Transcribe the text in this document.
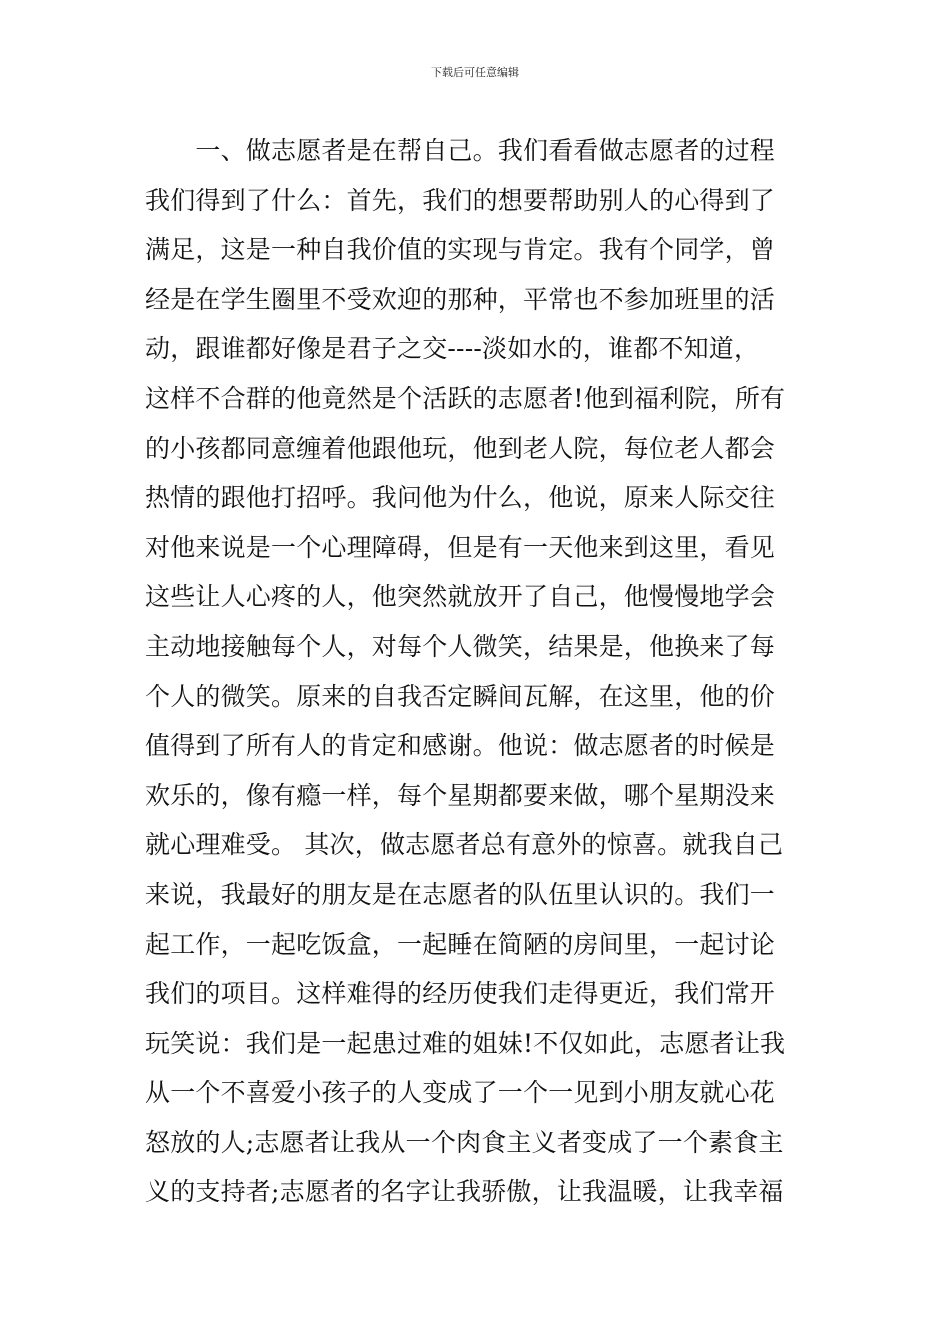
下载后可任意编辑
　　一、做志愿者是在帮自己。我们看看做志愿者的过程
我们得到了什么：首先，我们的想要帮助别人的心得到了
满足，这是一种自我价值的实现与肯定。我有个同学，曾
经是在学生圈里不受欢迎的那种，平常也不参加班里的活
动，跟谁都好像是君子之交----淡如水的，谁都不知道，
这样不合群的他竟然是个活跃的志愿者!他到福利院，所有
的小孩都同意缠着他跟他玩，他到老人院，每位老人都会
热情的跟他打招呼。我问他为什么，他说，原来人际交往
对他来说是一个心理障碍，但是有一天他来到这里，看见
这些让人心疼的人，他突然就放开了自己，他慢慢地学会
主动地接触每个人，对每个人微笑，结果是，他换来了每
个人的微笑。原来的自我否定瞬间瓦解，在这里，他的价
值得到了所有人的肯定和感谢。他说：做志愿者的时候是
欢乐的，像有瘾一样，每个星期都要来做，哪个星期没来
就心理难受。 其次，做志愿者总有意外的惊喜。就我自己
来说，我最好的朋友是在志愿者的队伍里认识的。我们一
起工作，一起吃饭盒，一起睡在简陋的房间里，一起讨论
我们的项目。这样难得的经历使我们走得更近，我们常开
玩笑说：我们是一起患过难的姐妹!不仅如此，志愿者让我
从一个不喜爱小孩子的人变成了一个一见到小朋友就心花
怒放的人;志愿者让我从一个肉食主义者变成了一个素食主
义的支持者;志愿者的名字让我骄傲，让我温暖，让我幸福
